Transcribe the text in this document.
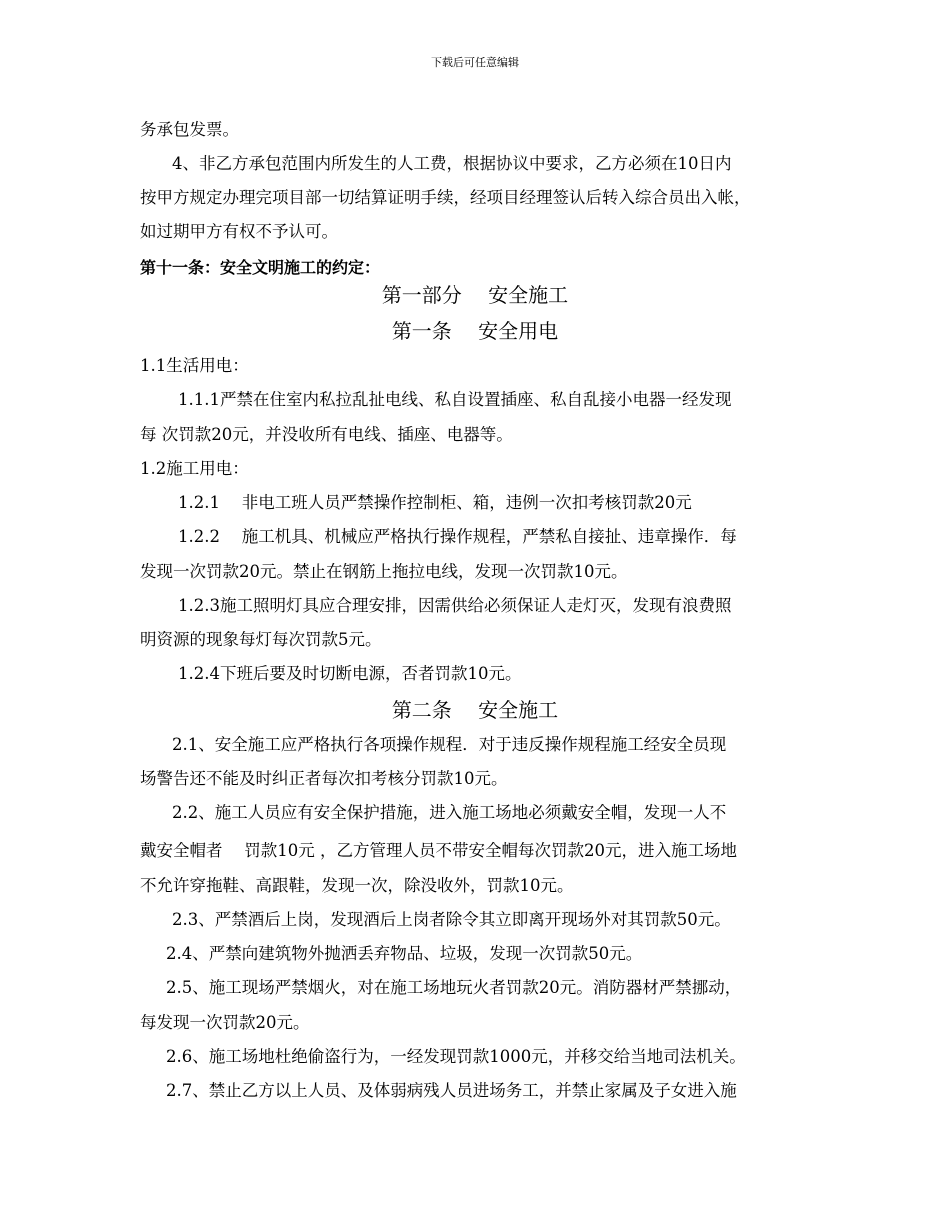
下载后可任意编辑
务承包发票。
4、非乙方承包范围内所发生的人工费，根据协议中要求，乙方必须在10日内
按甲方规定办理完项目部一切结算证明手续，经项目经理签认后转入综合员出入帐，
如过期甲方有权不予认可。
第十一条：安全文明施工的约定：
第一部分　 安全施工
第一条　 安全用电
1.1生活用电：
1.1.1严禁在住室内私拉乱扯电线、私自设置插座、私自乱接小电器一经发现
每 次罚款20元，并没收所有电线、插座、电器等。
1.2施工用电：
1.2.1　 非电工班人员严禁操作控制柜、箱，违例一次扣考核罚款20元
1.2.2　 施工机具、机械应严格执行操作规程，严禁私自接扯、违章操作．每
发现一次罚款20元。禁止在钢筋上拖拉电线，发现一次罚款10元。
1.2.3施工照明灯具应合理安排，因需供给必须保证人走灯灭，发现有浪费照
明资源的现象每灯每次罚款5元。
1.2.4下班后要及时切断电源，否者罚款10元。
第二条　 安全施工
2.1、安全施工应严格执行各项操作规程．对于违反操作规程施工经安全员现
场警告还不能及时纠正者每次扣考核分罚款10元。
2.2、施工人员应有安全保护措施，进入施工场地必须戴安全帽，发现一人不
戴安全帽者　 罚款10元 ，乙方管理人员不带安全帽每次罚款20元，进入施工场地
不允许穿拖鞋、高跟鞋，发现一次，除没收外，罚款10元。
2.3、严禁酒后上岗，发现酒后上岗者除令其立即离开现场外对其罚款50元。
2.4、严禁向建筑物外抛洒丢弃物品、垃圾，发现一次罚款50元。
2.5、施工现场严禁烟火，对在施工场地玩火者罚款20元。消防器材严禁挪动，
每发现一次罚款20元。
2.6、施工场地杜绝偷盗行为，一经发现罚款1000元，并移交给当地司法机关。
2.7、禁止乙方以上人员、及体弱病残人员进场务工，并禁止家属及子女进入施
